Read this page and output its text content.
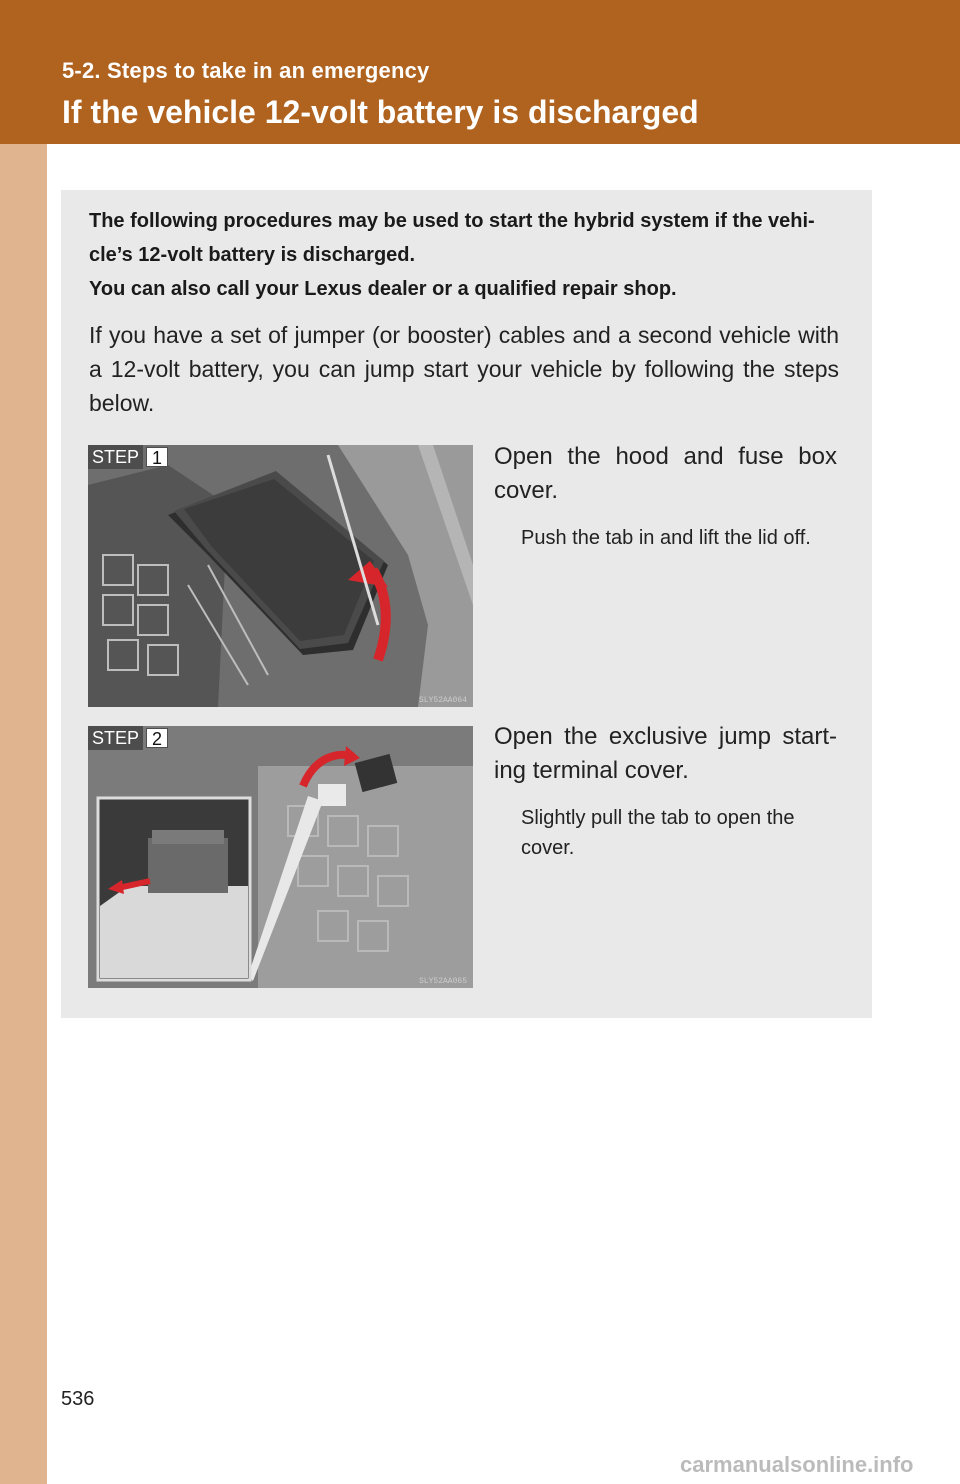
5-2. Steps to take in an emergency
If the vehicle 12-volt battery is discharged

The following procedures may be used to start the hybrid system if the vehi-cle’s 12-volt battery is discharged.

You can also call your Lexus dealer or a qualified repair shop.

If you have a set of jumper (or booster) cables and a second vehicle with a 12-volt battery, you can jump start your vehicle by following the steps below.
STEP 1
SLY52AA064
Open the hood and fuse box cover.
Push the tab in and lift the lid off.
STEP 2
SLY52AA065
Open the exclusive jump start-ing terminal cover.
Slightly pull the tab to open the cover.
536
carmanualsonline.info
